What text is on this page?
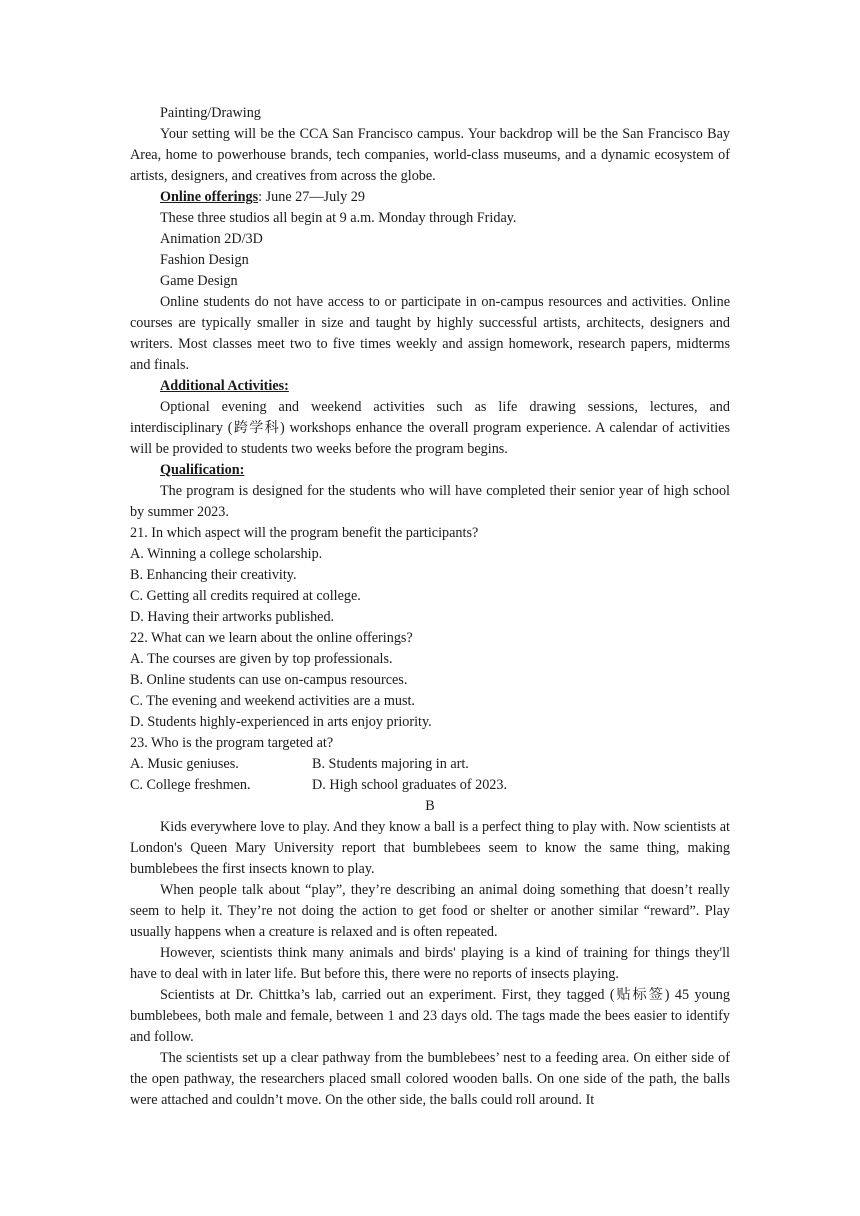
Painting/Drawing

Your setting will be the CCA San Francisco campus. Your backdrop will be the San Francisco Bay Area, home to powerhouse brands, tech companies, world-class museums, and a dynamic ecosystem of artists, designers, and creatives from across the globe.

Online offerings: June 27—July 29

These three studios all begin at 9 a.m. Monday through Friday.

Animation 2D/3D

Fashion Design

Game Design

Online students do not have access to or participate in on-campus resources and activities. Online courses are typically smaller in size and taught by highly successful artists, architects, designers and writers. Most classes meet two to five times weekly and assign homework, research papers, midterms and finals.

Additional Activities:

Optional evening and weekend activities such as life drawing sessions, lectures, and interdisciplinary (跨学科) workshops enhance the overall program experience. A calendar of activities will be provided to students two weeks before the program begins.

Qualification:

The program is designed for the students who will have completed their senior year of high school by summer 2023.

21. In which aspect will the program benefit the participants?

A. Winning a college scholarship.

B. Enhancing their creativity.

C. Getting all credits required at college.

D. Having their artworks published.

22. What can we learn about the online offerings?

A. The courses are given by top professionals.

B. Online students can use on-campus resources.

C. The evening and weekend activities are a must.

D. Students highly-experienced in arts enjoy priority.

23. Who is the program targeted at?

A. Music geniuses.	B. Students majoring in art.
C. College freshmen.	D. High school graduates of 2023.

B

Kids everywhere love to play. And they know a ball is a perfect thing to play with. Now scientists at London's Queen Mary University report that bumblebees seem to know the same thing, making bumblebees the first insects known to play.

When people talk about “play”, they’re describing an animal doing something that doesn’t really seem to help it. They’re not doing the action to get food or shelter or another similar “reward”. Play usually happens when a creature is relaxed and is often repeated.

However, scientists think many animals and birds' playing is a kind of training for things they'll have to deal with in later life. But before this, there were no reports of insects playing.

Scientists at Dr. Chittka’s lab, carried out an experiment. First, they tagged (贴标签) 45 young bumblebees, both male and female, between 1 and 23 days old. The tags made the bees easier to identify and follow.

The scientists set up a clear pathway from the bumblebees’ nest to a feeding area. On either side of the open pathway, the researchers placed small colored wooden balls. On one side of the path, the balls were attached and couldn’t move. On the other side, the balls could roll around. It
